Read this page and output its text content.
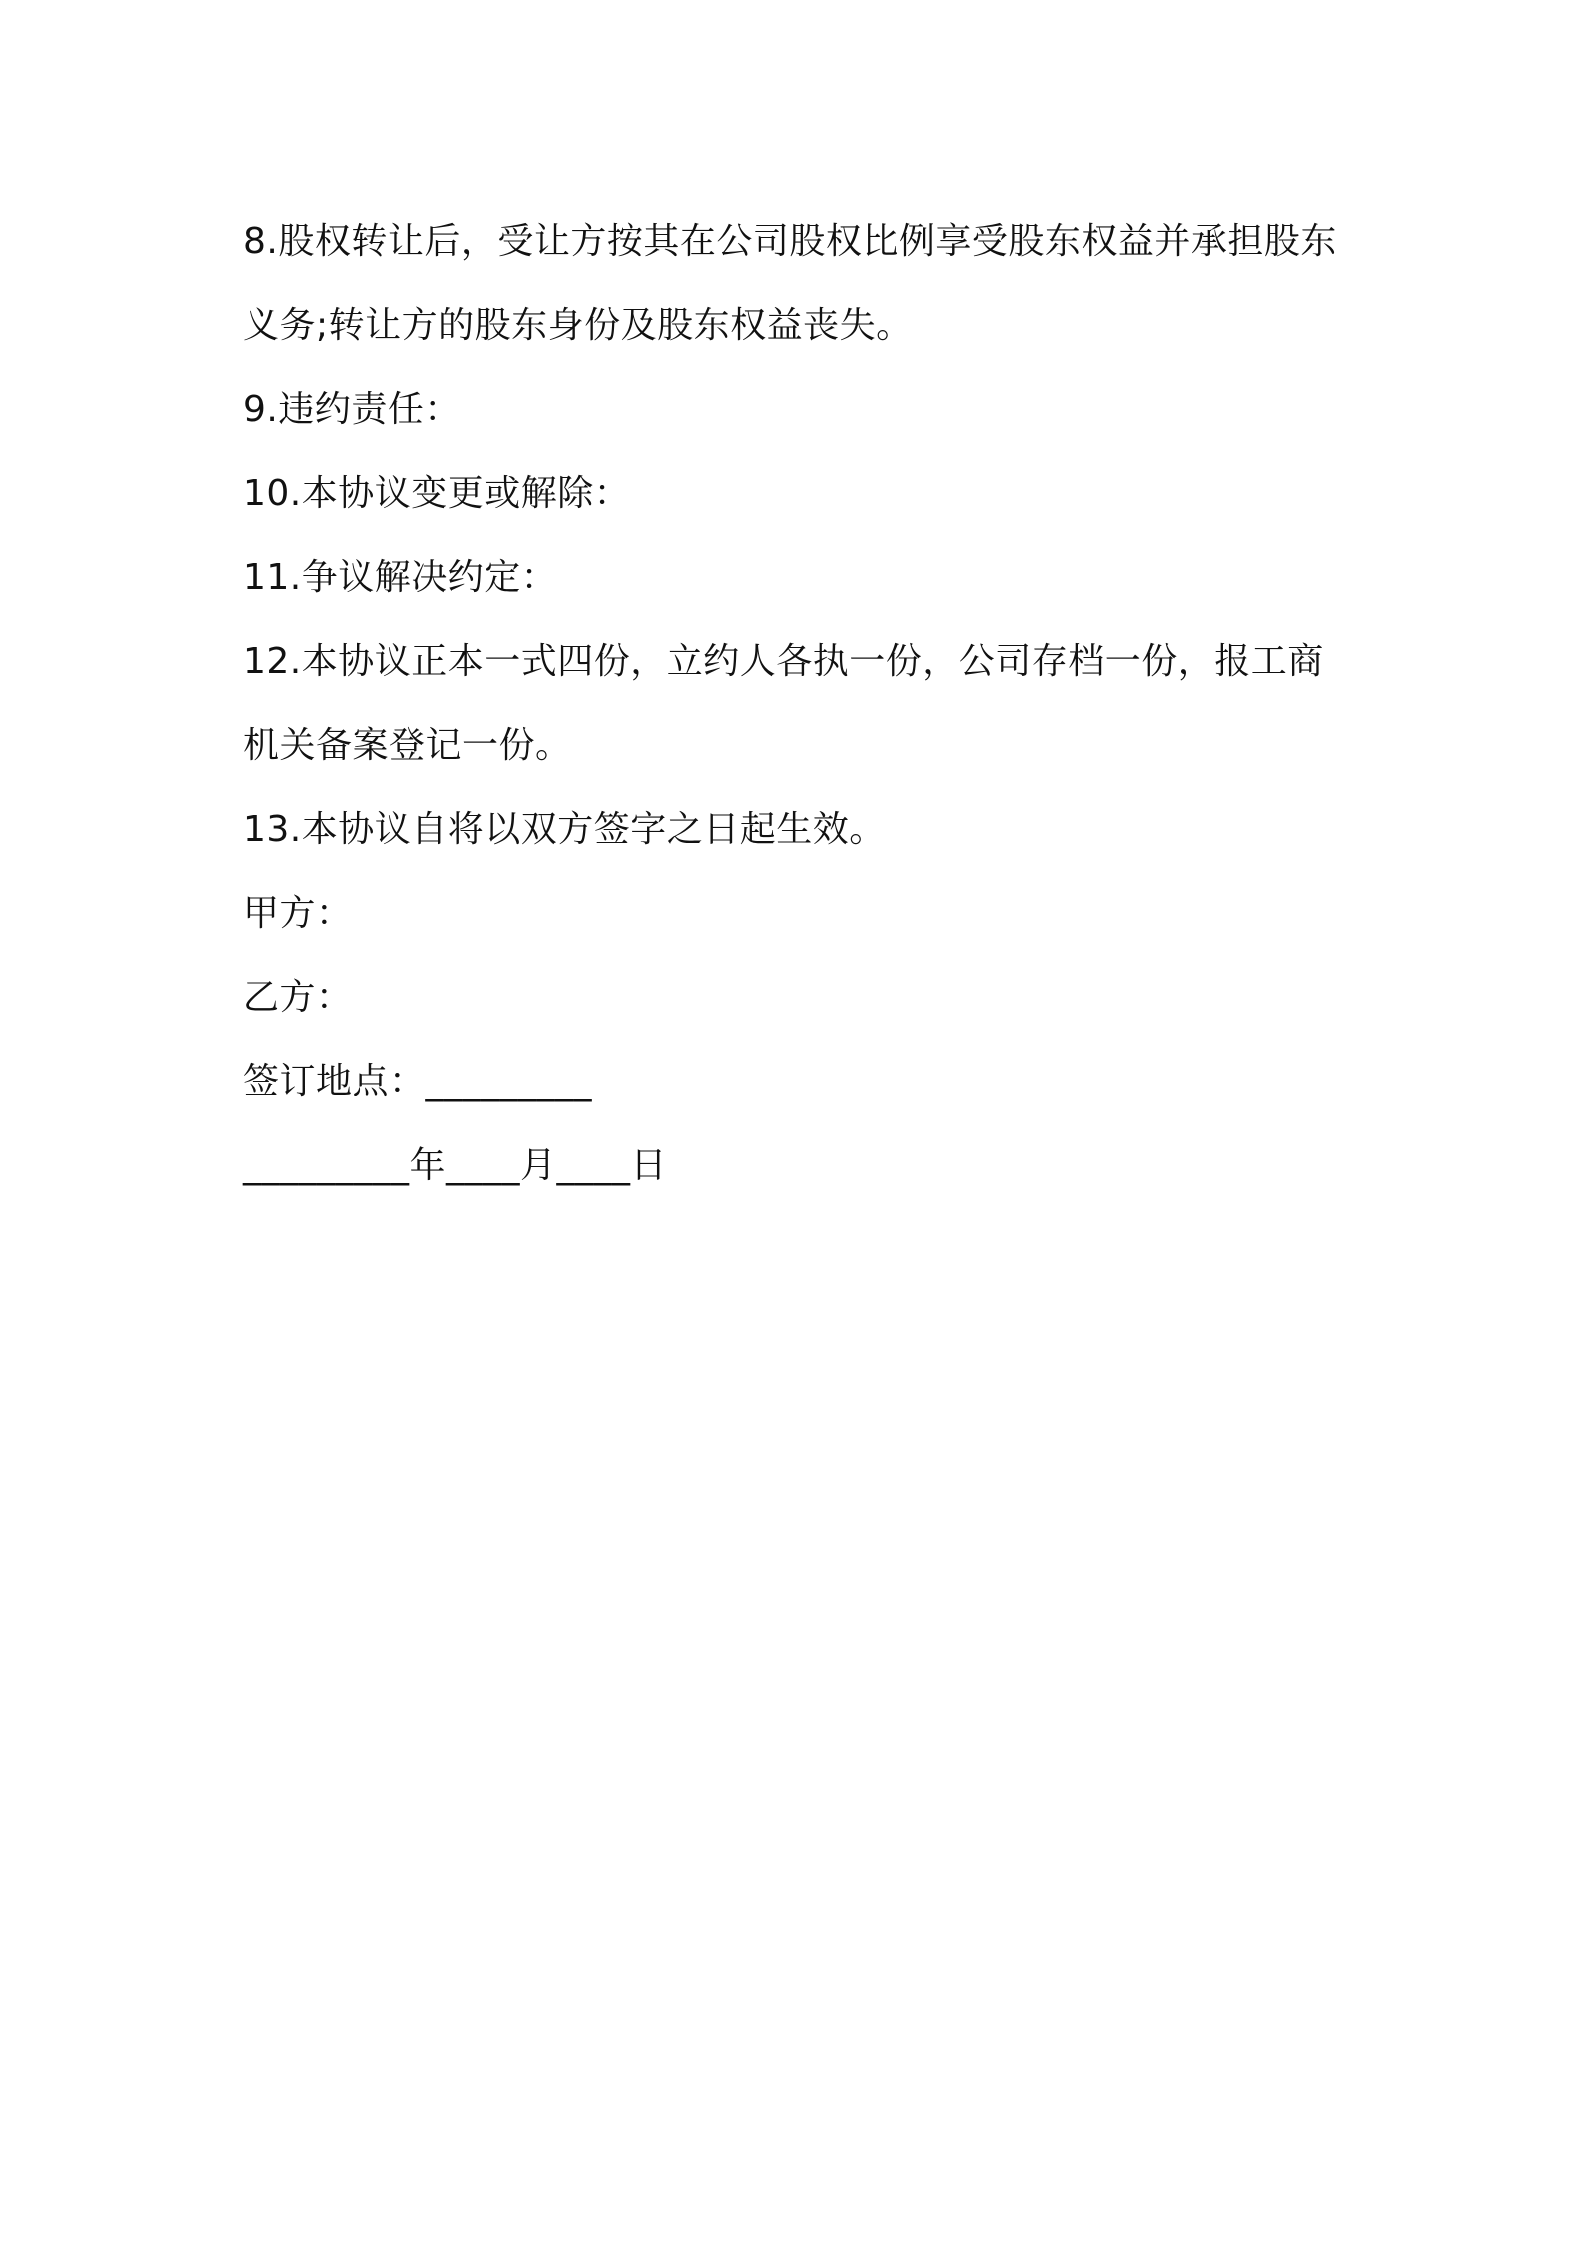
8.股权转让后，受让方按其在公司股权比例享受股东权益并承担股东
义务;转让方的股东身份及股东权益丧失。
9.违约责任：
10.本协议变更或解除：
11.争议解决约定：
12.本协议正本一式四份，立约人各执一份，公司存档一份，报工商
机关备案登记一份。
13.本协议自将以双方签字之日起生效。
甲方：
乙方：
签订地点：_________
_________年____月____日
